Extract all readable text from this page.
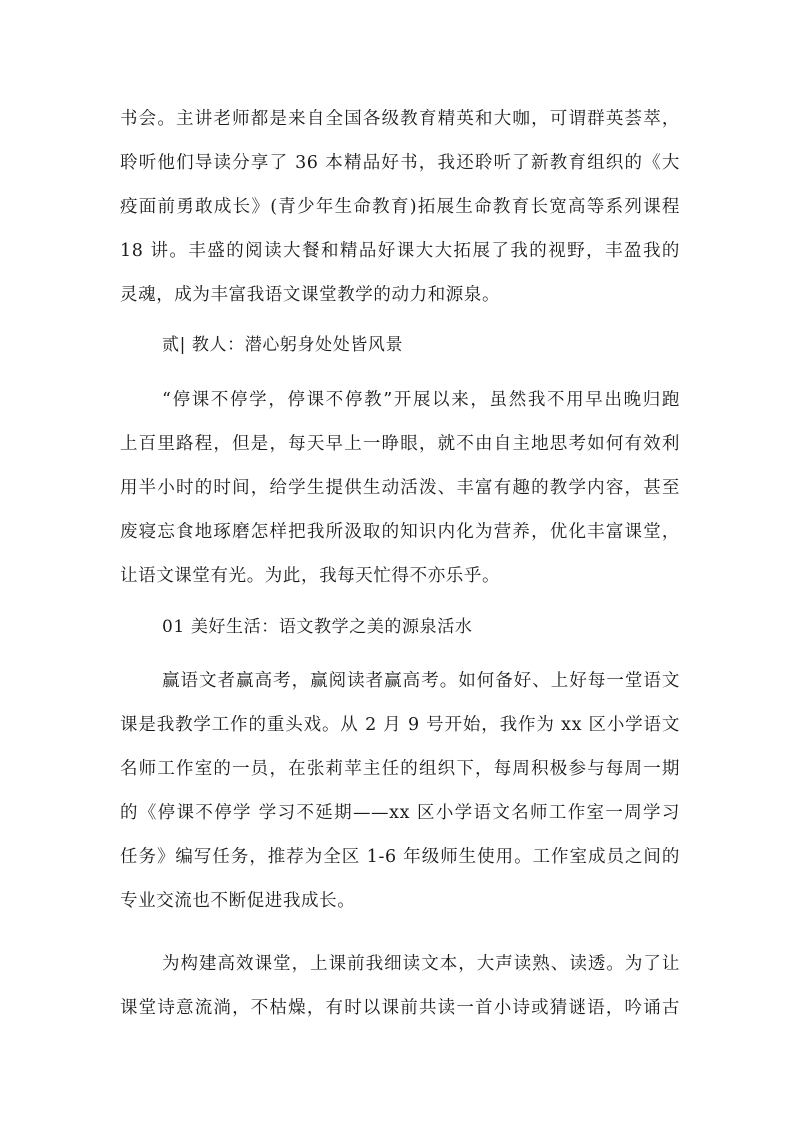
书会。主讲老师都是来自全国各级教育精英和大咖，可谓群英荟萃，
聆听他们导读分享了 36 本精品好书，我还聆听了新教育组织的《大
疫面前勇敢成长》(青少年生命教育)拓展生命教育长宽高等系列课程
18 讲。丰盛的阅读大餐和精品好课大大拓展了我的视野，丰盈我的
灵魂，成为丰富我语文课堂教学的动力和源泉。

贰| 教人：潜心躬身处处皆风景

“停课不停学，停课不停教”开展以来，虽然我不用早出晚归跑
上百里路程，但是，每天早上一睁眼，就不由自主地思考如何有效利
用半小时的时间，给学生提供生动活泼、丰富有趣的教学内容，甚至
废寝忘食地琢磨怎样把我所汲取的知识内化为营养，优化丰富课堂，
让语文课堂有光。为此，我每天忙得不亦乐乎。

01 美好生活：语文教学之美的源泉活水

赢语文者赢高考，赢阅读者赢高考。如何备好、上好每一堂语文
课是我教学工作的重头戏。从 2 月 9 号开始，我作为 xx 区小学语文
名师工作室的一员，在张莉苹主任的组织下，每周积极参与每周一期
的《停课不停学 学习不延期——xx 区小学语文名师工作室一周学习
任务》编写任务，推荐为全区 1-6 年级师生使用。工作室成员之间的
专业交流也不断促进我成长。

为构建高效课堂，上课前我细读文本，大声读熟、读透。为了让
课堂诗意流淌，不枯燥，有时以课前共读一首小诗或猜谜语，吟诵古
